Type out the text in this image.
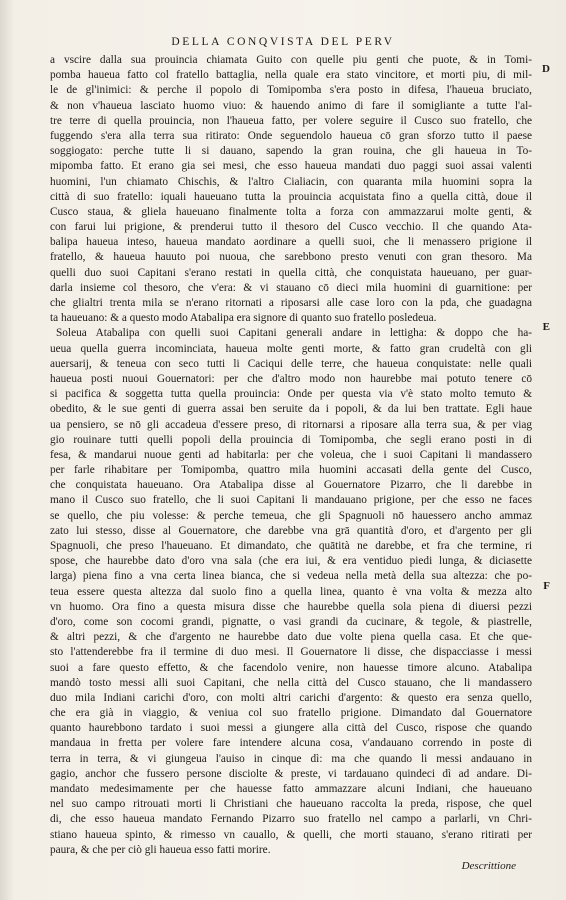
DELLA CONQVISTA DEL PERV
D
E
F
a vscire dalla sua prouincia chiamata Guito con quelle piu genti che puote, & in Tomi-
pomba haueua fatto col fratello battaglia, nella quale era stato vincitore, et morti piu, di mil-
le de gl'inimici: & perche il popolo di Tomipomba s'era posto in difesa, l'haueua bruciato,
& non v'haueua lasciato huomo viuo: & hauendo animo di fare il somigliante a tutte l'al-
tre terre di quella prouincia, non l'haueua fatto, per volere seguire il Cusco suo fratello, che
fuggendo s'era alla terra sua ritirato: Onde seguendolo haueua cō gran sforzo tutto il paese
soggiogato: perche tutte li si dauano, sapendo la gran rouina, che gli haueua in To-
mipomba fatto. Et erano gia sei mesi, che esso haueua mandati duo paggi suoi assai valenti
huomini, l'un chiamato Chischis, & l'altro Cialiacin, con quaranta mila huomini sopra la
città di suo fratello: iquali haueuano tutta la prouincia acquistata fino a quella città, doue il
Cusco staua, & gliela haueuano finalmente tolta a forza con ammazzarui molte genti, &
con farui lui prigione, & prenderui tutto il thesoro del Cusco vecchio. Il che quando Ata-
balipa haueua inteso, haueua mandato aordinare a quelli suoi, che li menassero prigione il
fratello, & haueua hauuto poi nuoua, che sarebbono presto venuti con gran thesoro. Ma
quelli duo suoi Capitani s'erano restati in quella città, che conquistata haueuano, per guar-
darla insieme col thesoro, che v'era: & vi stauano cō dieci mila huomini di guarnitione: per
che glialtri trenta mila se n'erano ritornati a riposarsi alle case loro con la pda, che guadagna
ta haueuano: & a questo modo Atabalipa era signore di quanto suo fratello posledeua.
Soleua Atabalipa con quelli suoi Capitani generali andare in lettigha: & doppo che ha-
ueua quella guerra incominciata, haueua molte genti morte, & fatto gran crudeltà con gli
auersarij, & teneua con seco tutti li Caciqui delle terre, che haueua conquistate: nelle quali
haueua posti nuoui Gouernatori: per che d'altro modo non haurebbe mai potuto tenere cō
si pacifica & soggetta tutta quella prouincia: Onde per questa via v'è stato molto temuto &
obedito, & le sue genti di guerra assai ben seruite da i popoli, & da lui ben trattate. Egli haue
ua pensiero, se nō gli accadeua d'essere preso, di ritornarsi a riposare alla terra sua, & per viag
gio rouinare tutti quelli popoli della prouincia di Tomipomba, che segli erano posti in di
fesa, & mandarui nuoue genti ad habitarla: per che voleua, che i suoi Capitani li mandassero
per farle rihabitare per Tomipomba, quattro mila huomini accasati della gente del Cusco,
che conquistata haueuano. Ora Atabalipa disse al Gouernatore Pizarro, che li darebbe in
mano il Cusco suo fratello, che li suoi Capitani li mandauano prigione, per che esso ne faces
se quello, che piu volesse: & perche temeua, che gli Spagnuoli nō hauessero ancho ammaz
zato lui stesso, disse al Gouernatore, che darebbe vna grā quantità d'oro, et d'argento per gli
Spagnuoli, che preso l'haueuano. Et dimandato, che quātità ne darebbe, et fra che termine, ri
spose, che haurebbe dato d'oro vna sala (che era iui, & era ventiduo piedi lunga, & diciasette
larga) piena fino a vna certa linea bianca, che si vedeua nella metà della sua altezza: che po-
teua essere questa altezza dal suolo fino a quella linea, quanto è vna volta & mezza alto
vn huomo. Ora fino a questa misura disse che haurebbe quella sola piena di diuersi pezzi
d'oro, come son cocomi grandi, pignatte, o vasi grandi da cucinare, & tegole, & piastrelle,
& altri pezzi, & che d'argento ne haurebbe dato due volte piena quella casa. Et che que-
sto l'attenderebbe fra il termine di duo mesi. Il Gouernatore li disse, che dispacciasse i messi
suoi a fare questo effetto, & che facendolo venire, non hauesse timore alcuno. Atabalipa
mandò tosto messi alli suoi Capitani, che nella città del Cusco stauano, che li mandassero
duo mila Indiani carichi d'oro, con molti altri carichi d'argento: & questo era senza quello,
che era già in viaggio, & veniua col suo fratello prigione. Dimandato dal Gouernatore
quanto haurebbono tardato i suoi messi a giungere alla città del Cusco, rispose che quando
mandaua in fretta per volere fare intendere alcuna cosa, v'andauano correndo in poste di
terra in terra, & vi giungeua l'auiso in cinque dì: ma che quando li messi andauano in
gagio, anchor che fussero persone disciolte & preste, vi tardauano quindeci dì ad andare. Di-
mandato medesimamente per che hauesse fatto ammazzare alcuni Indiani, che haueuano
nel suo campo ritrouati morti li Christiani che haueuano raccolta la preda, rispose, che quel
di, che esso haueua mandato Fernando Pizarro suo fratello nel campo a parlarli, vn Chri-
stiano haueua spinto, & rimesso vn cauallo, & quelli, che morti stauano, s'erano ritirati per
paura, & che per ciò gli haueua esso fatti morire.
Descrittione
